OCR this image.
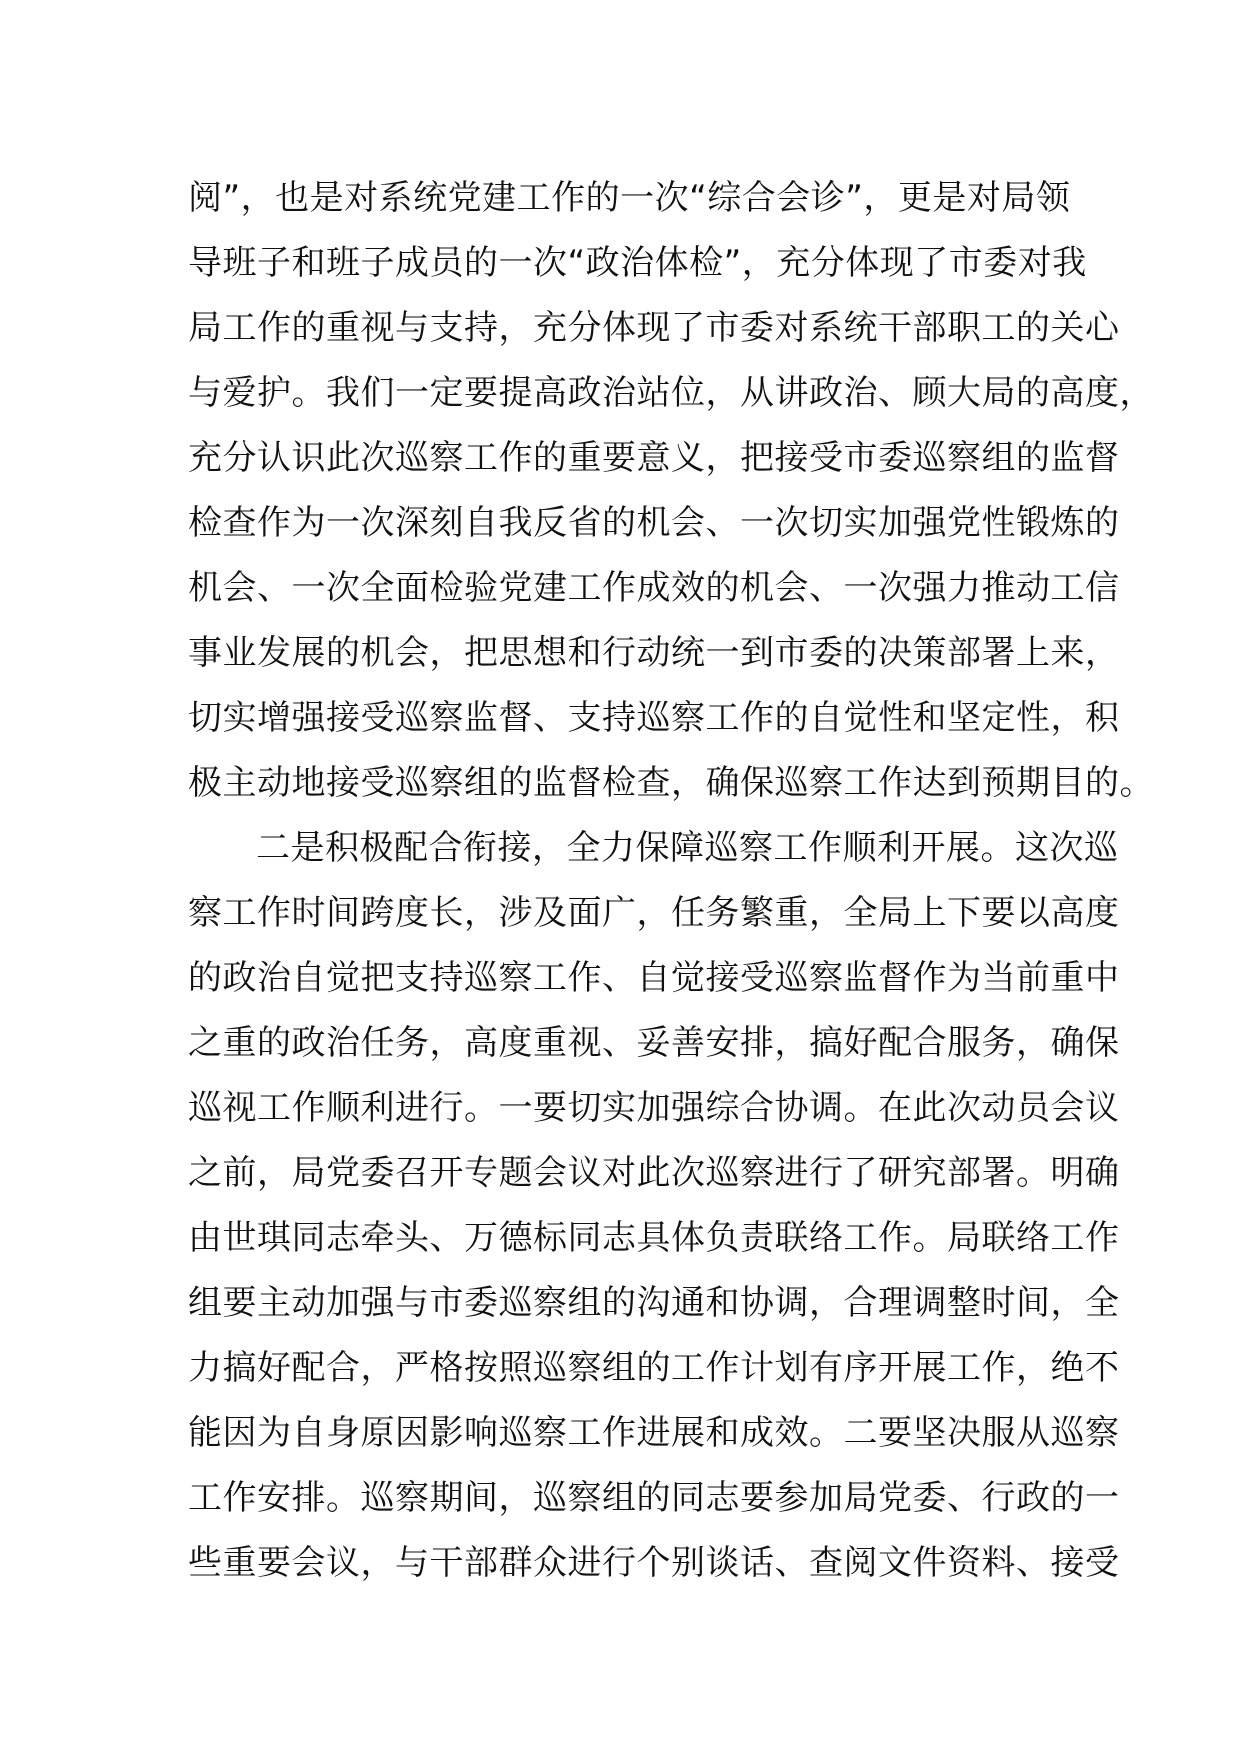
阅”，也是对系统党建工作的一次“综合会诊”，更是对局领
导班子和班子成员的一次“政治体检”，充分体现了市委对我
局工作的重视与支持，充分体现了市委对系统干部职工的关心
与爱护。我们一定要提高政治站位，从讲政治、顾大局的高度，
充分认识此次巡察工作的重要意义，把接受市委巡察组的监督
检查作为一次深刻自我反省的机会、一次切实加强党性锻炼的
机会、一次全面检验党建工作成效的机会、一次强力推动工信
事业发展的机会，把思想和行动统一到市委的决策部署上来，
切实增强接受巡察监督、支持巡察工作的自觉性和坚定性，积
极主动地接受巡察组的监督检查，确保巡察工作达到预期目的。
二是积极配合衔接，全力保障巡察工作顺利开展。这次巡
察工作时间跨度长，涉及面广，任务繁重，全局上下要以高度
的政治自觉把支持巡察工作、自觉接受巡察监督作为当前重中
之重的政治任务，高度重视、妥善安排，搞好配合服务，确保
巡视工作顺利进行。一要切实加强综合协调。在此次动员会议
之前，局党委召开专题会议对此次巡察进行了研究部署。明确
由世琪同志牵头、万德标同志具体负责联络工作。局联络工作
组要主动加强与市委巡察组的沟通和协调，合理调整时间，全
力搞好配合，严格按照巡察组的工作计划有序开展工作，绝不
能因为自身原因影响巡察工作进展和成效。二要坚决服从巡察
工作安排。巡察期间，巡察组的同志要参加局党委、行政的一
些重要会议，与干部群众进行个别谈话、查阅文件资料、接受
